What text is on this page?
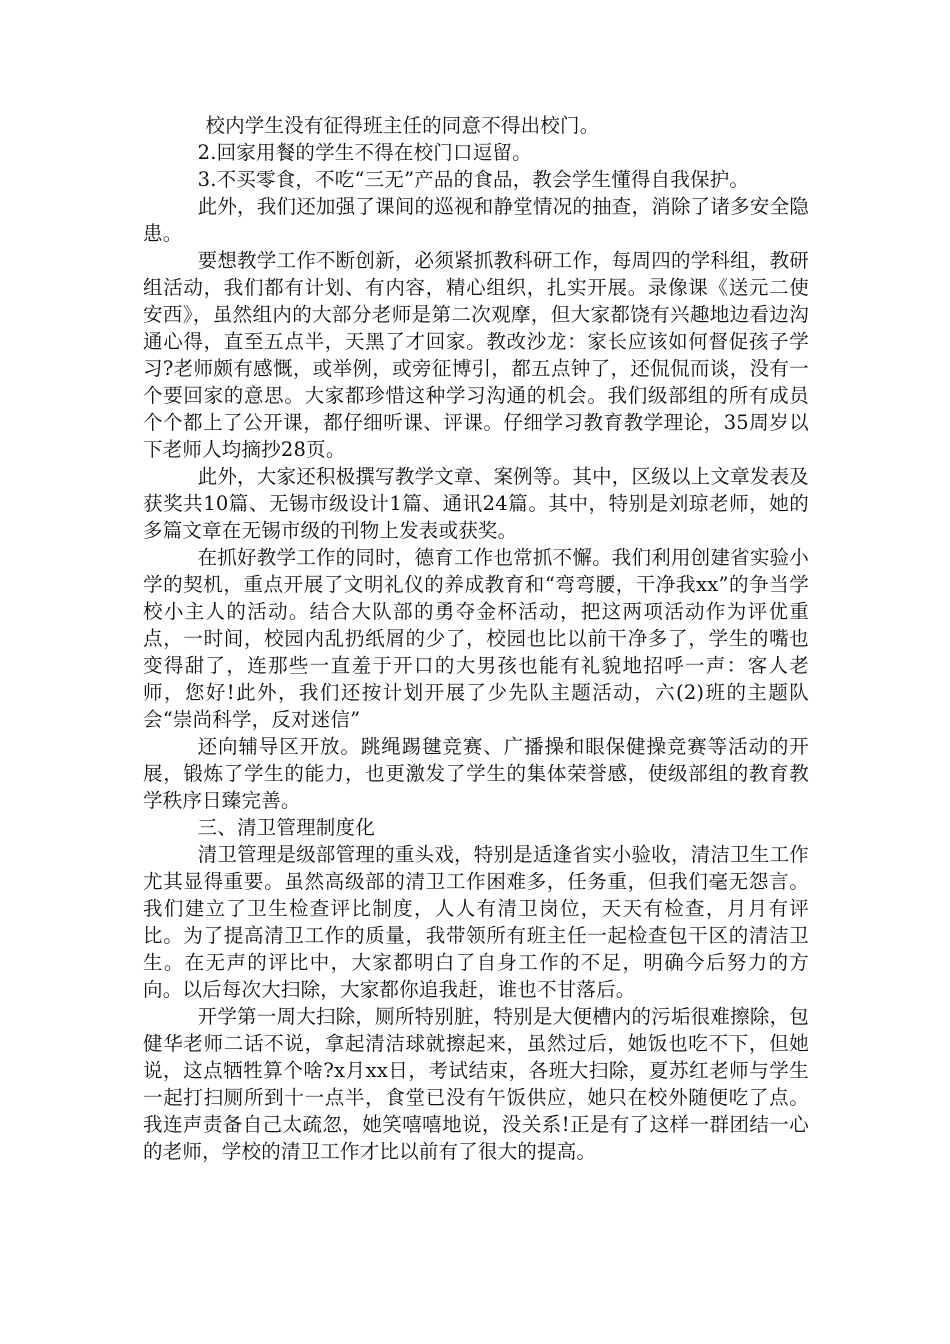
校内学生没有征得班主任的同意不得出校门。

2.回家用餐的学生不得在校门口逗留。

3.不买零食，不吃“三无”产品的食品，教会学生懂得自我保护。

此外，我们还加强了课间的巡视和静堂情况的抽查，消除了诸多安全隐患。

要想教学工作不断创新，必须紧抓教科研工作，每周四的学科组，教研组活动，我们都有计划、有内容，精心组织，扎实开展。录像课《送元二使安西》，虽然组内的大部分老师是第二次观摩，但大家都饶有兴趣地边看边沟通心得，直至五点半，天黑了才回家。教改沙龙：家长应该如何督促孩子学习?老师颇有感慨，或举例，或旁征博引，都五点钟了，还侃侃而谈，没有一个要回家的意思。大家都珍惜这种学习沟通的机会。我们级部组的所有成员个个都上了公开课，都仔细听课、评课。仔细学习教育教学理论，35周岁以下老师人均摘抄28页。

此外，大家还积极撰写教学文章、案例等。其中，区级以上文章发表及获奖共10篇、无锡市级设计1篇、通讯24篇。其中，特别是刘琼老师，她的多篇文章在无锡市级的刊物上发表或获奖。

在抓好教学工作的同时，德育工作也常抓不懈。我们利用创建省实验小学的契机，重点开展了文明礼仪的养成教育和“弯弯腰，干净我xx”的争当学校小主人的活动。结合大队部的勇夺金杯活动，把这两项活动作为评优重点，一时间，校园内乱扔纸屑的少了，校园也比以前干净多了，学生的嘴也变得甜了，连那些一直羞于开口的大男孩也能有礼貌地招呼一声：客人老师，您好!此外，我们还按计划开展了少先队主题活动，六(2)班的主题队会“崇尚科学，反对迷信”

还向辅导区开放。跳绳踢毽竞赛、广播操和眼保健操竞赛等活动的开展，锻炼了学生的能力，也更激发了学生的集体荣誉感，使级部组的教育教学秩序日臻完善。

三、清卫管理制度化

清卫管理是级部管理的重头戏，特别是适逢省实小验收，清洁卫生工作尤其显得重要。虽然高级部的清卫工作困难多，任务重，但我们毫无怨言。我们建立了卫生检查评比制度，人人有清卫岗位，天天有检查，月月有评比。为了提高清卫工作的质量，我带领所有班主任一起检查包干区的清洁卫生。在无声的评比中，大家都明白了自身工作的不足，明确今后努力的方向。以后每次大扫除，大家都你追我赶，谁也不甘落后。

开学第一周大扫除，厕所特别脏，特别是大便槽内的污垢很难擦除，包健华老师二话不说，拿起清洁球就擦起来，虽然过后，她饭也吃不下，但她说，这点牺牲算个啥?x月xx日，考试结束，各班大扫除，夏苏红老师与学生一起打扫厕所到十一点半，食堂已没有午饭供应，她只在校外随便吃了点。我连声责备自己太疏忽，她笑嘻嘻地说，没关系!正是有了这样一群团结一心的老师，学校的清卫工作才比以前有了很大的提高。
